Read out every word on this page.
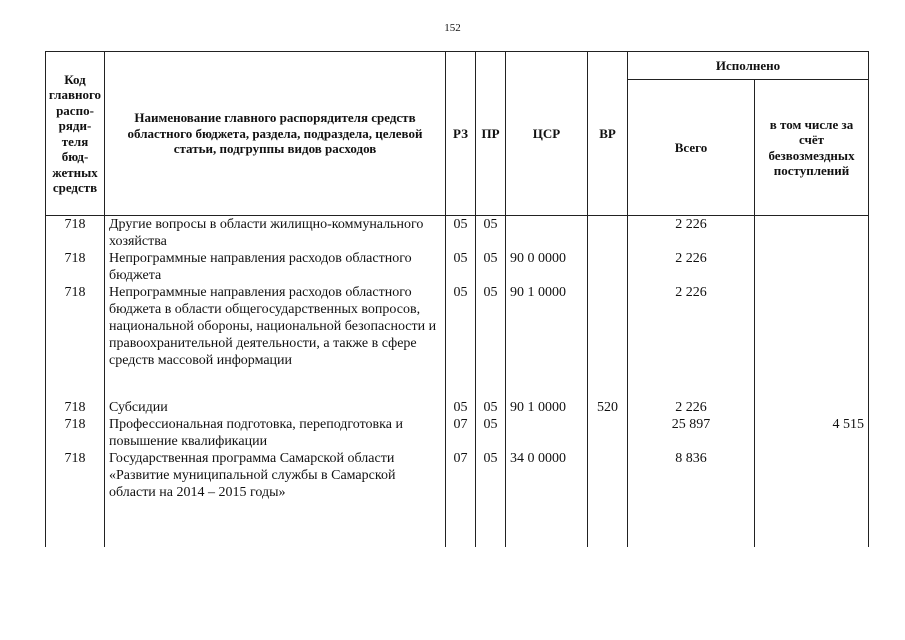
152
Код главного распо-ряди-теля бюд-жетных средств	Наименование главного распорядителя средств областного бюджета, раздела, подраздела, целевой статьи, подгруппы видов расходов	РЗ	ПР	ЦСР	ВР	Исполнено	
						Всего	в том числе за счёт безвозмездных поступлений
718	Другие вопросы в области жилищно-коммунального хозяйства	05	05			2 226	
718	Непрограммные направления расходов областного бюджета	05	05	90 0 0000		2 226	
718	Непрограммные направления расходов областного бюджета в области общегосударственных вопросов, национальной обороны, национальной безопасности и правоохранительной деятельности, а также в сфере средств массовой информации	05	05	90 1 0000		2 226	
718	Субсидии	05	05	90 1 0000	520	2 226	
718	Профессиональная подготовка, переподготовка и повышение квалификации	07	05			25 897	4 515
718	Государственная программа Самарской области «Развитие муниципальной службы в Самарской области на 2014 – 2015 годы»	07	05	34 0 0000		8 836	
